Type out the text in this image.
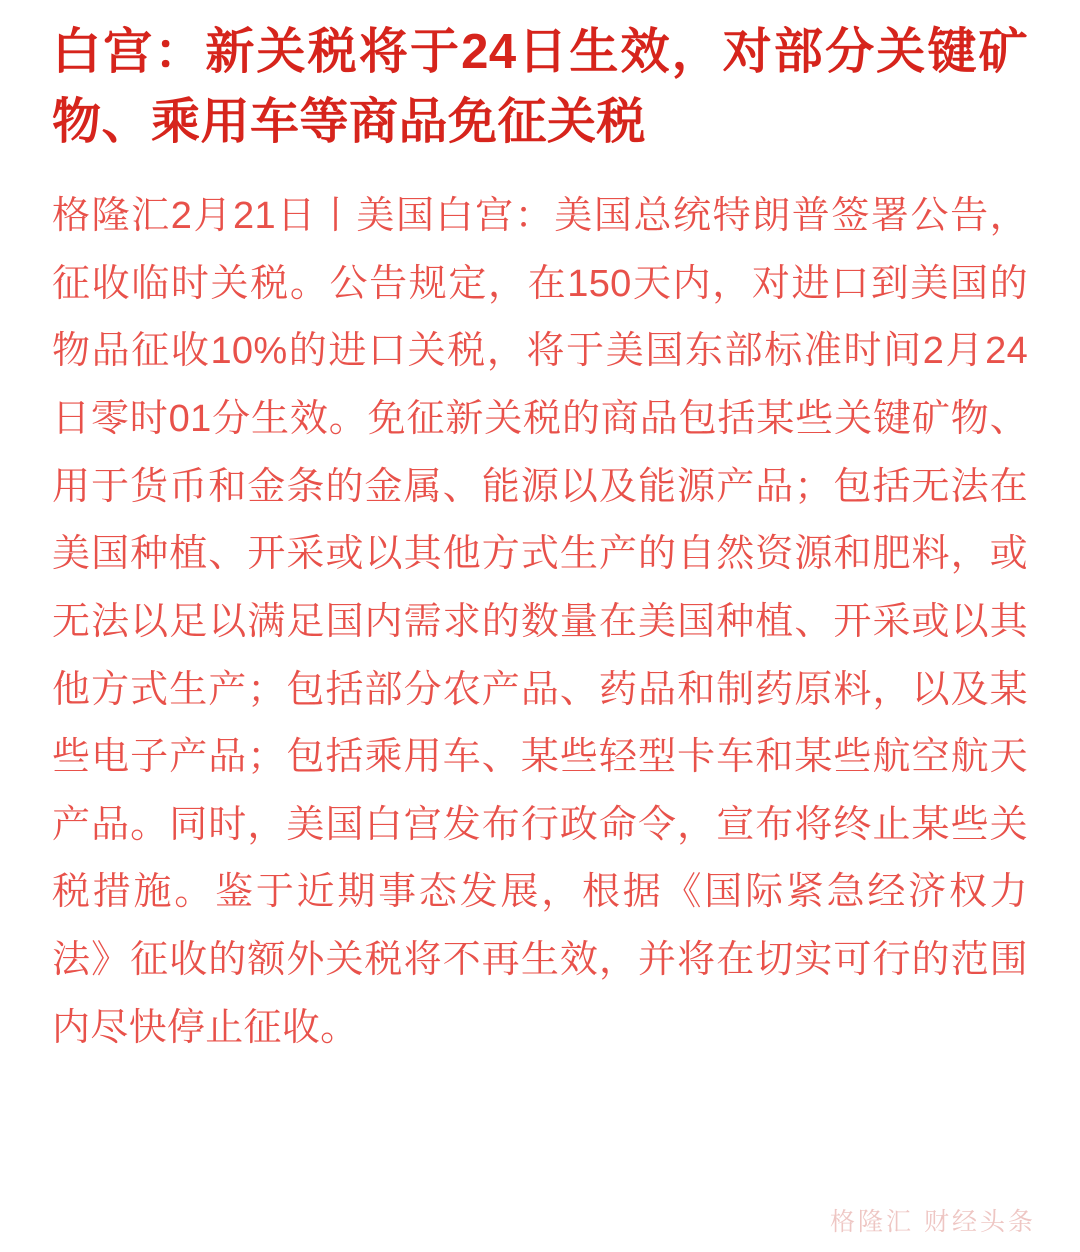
白宫：新关税将于24日生效，对部分关键矿物、乘用车等商品免征关税

格隆汇2月21日丨美国白宫：美国总统特朗普签署公告，征收临时关税。公告规定，在150天内，对进口到美国的物品征收10%的进口关税，将于美国东部标准时间2月24日零时01分生效。免征新关税的商品包括某些关键矿物、用于货币和金条的金属、能源以及能源产品；包括无法在美国种植、开采或以其他方式生产的自然资源和肥料，或无法以足以满足国内需求的数量在美国种植、开采或以其他方式生产；包括部分农产品、药品和制药原料，以及某些电子产品；包括乘用车、某些轻型卡车和某些航空航天产品。同时，美国白宫发布行政命令，宣布将终止某些关税措施。鉴于近期事态发展，根据《国际紧急经济权力法》征收的额外关税将不再生效，并将在切实可行的范围内尽快停止征收。

格隆汇 财经头条
